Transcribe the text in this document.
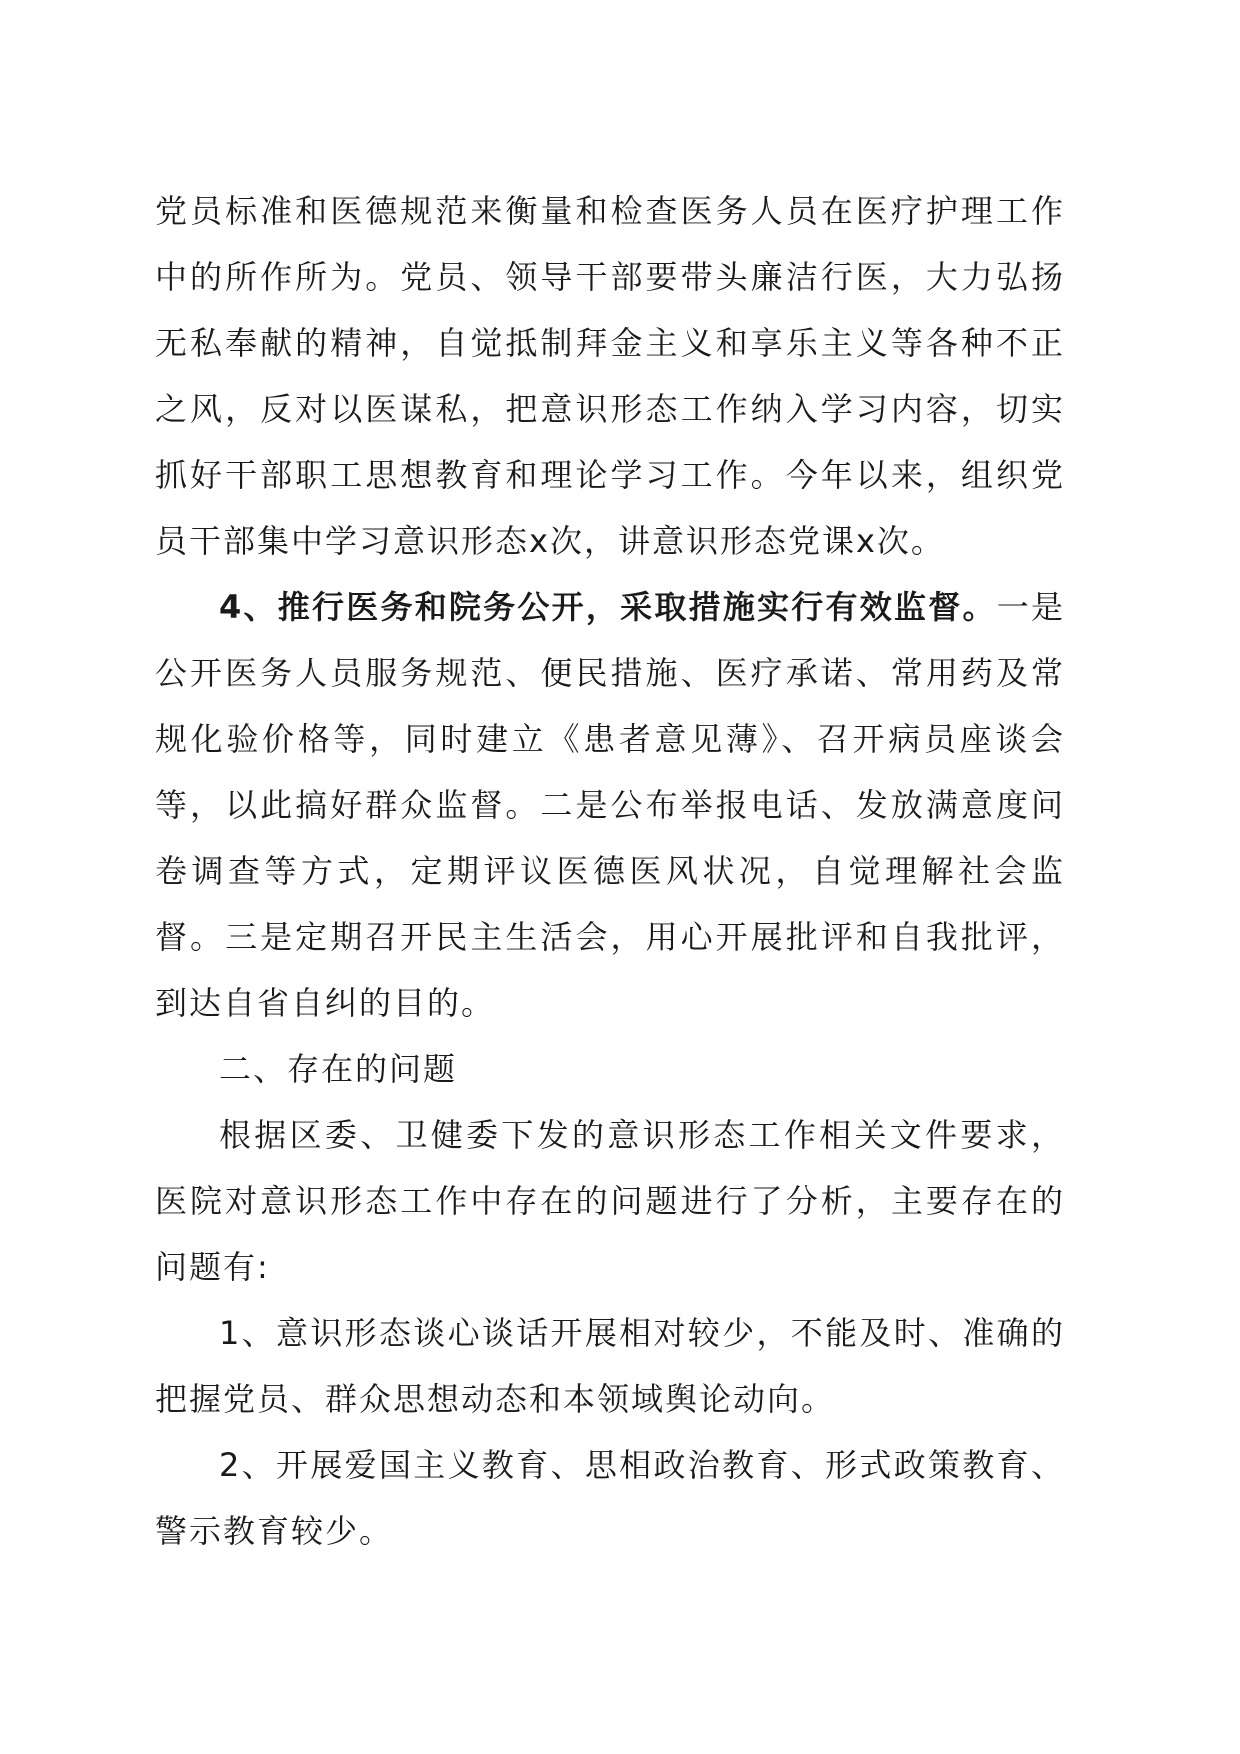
党员标准和医德规范来衡量和检查医务人员在医疗护理工作中的所作所为。党员、领导干部要带头廉洁行医，大力弘扬无私奉献的精神，自觉抵制拜金主义和享乐主义等各种不正之风，反对以医谋私，把意识形态工作纳入学习内容，切实抓好干部职工思想教育和理论学习工作。今年以来，组织党员干部集中学习意识形态x次，讲意识形态党课x次。

4、推行医务和院务公开，采取措施实行有效监督。一是公开医务人员服务规范、便民措施、医疗承诺、常用药及常规化验价格等，同时建立《患者意见薄》、召开病员座谈会等，以此搞好群众监督。二是公布举报电话、发放满意度问卷调查等方式，定期评议医德医风状况，自觉理解社会监督。三是定期召开民主生活会，用心开展批评和自我批评，到达自省自纠的目的。

二、存在的问题

根据区委、卫健委下发的意识形态工作相关文件要求，医院对意识形态工作中存在的问题进行了分析，主要存在的问题有:

1、意识形态谈心谈话开展相对较少，不能及时、准确的把握党员、群众思想动态和本领域舆论动向。

2、开展爱国主义教育、思相政治教育、形式政策教育、警示教育较少。
